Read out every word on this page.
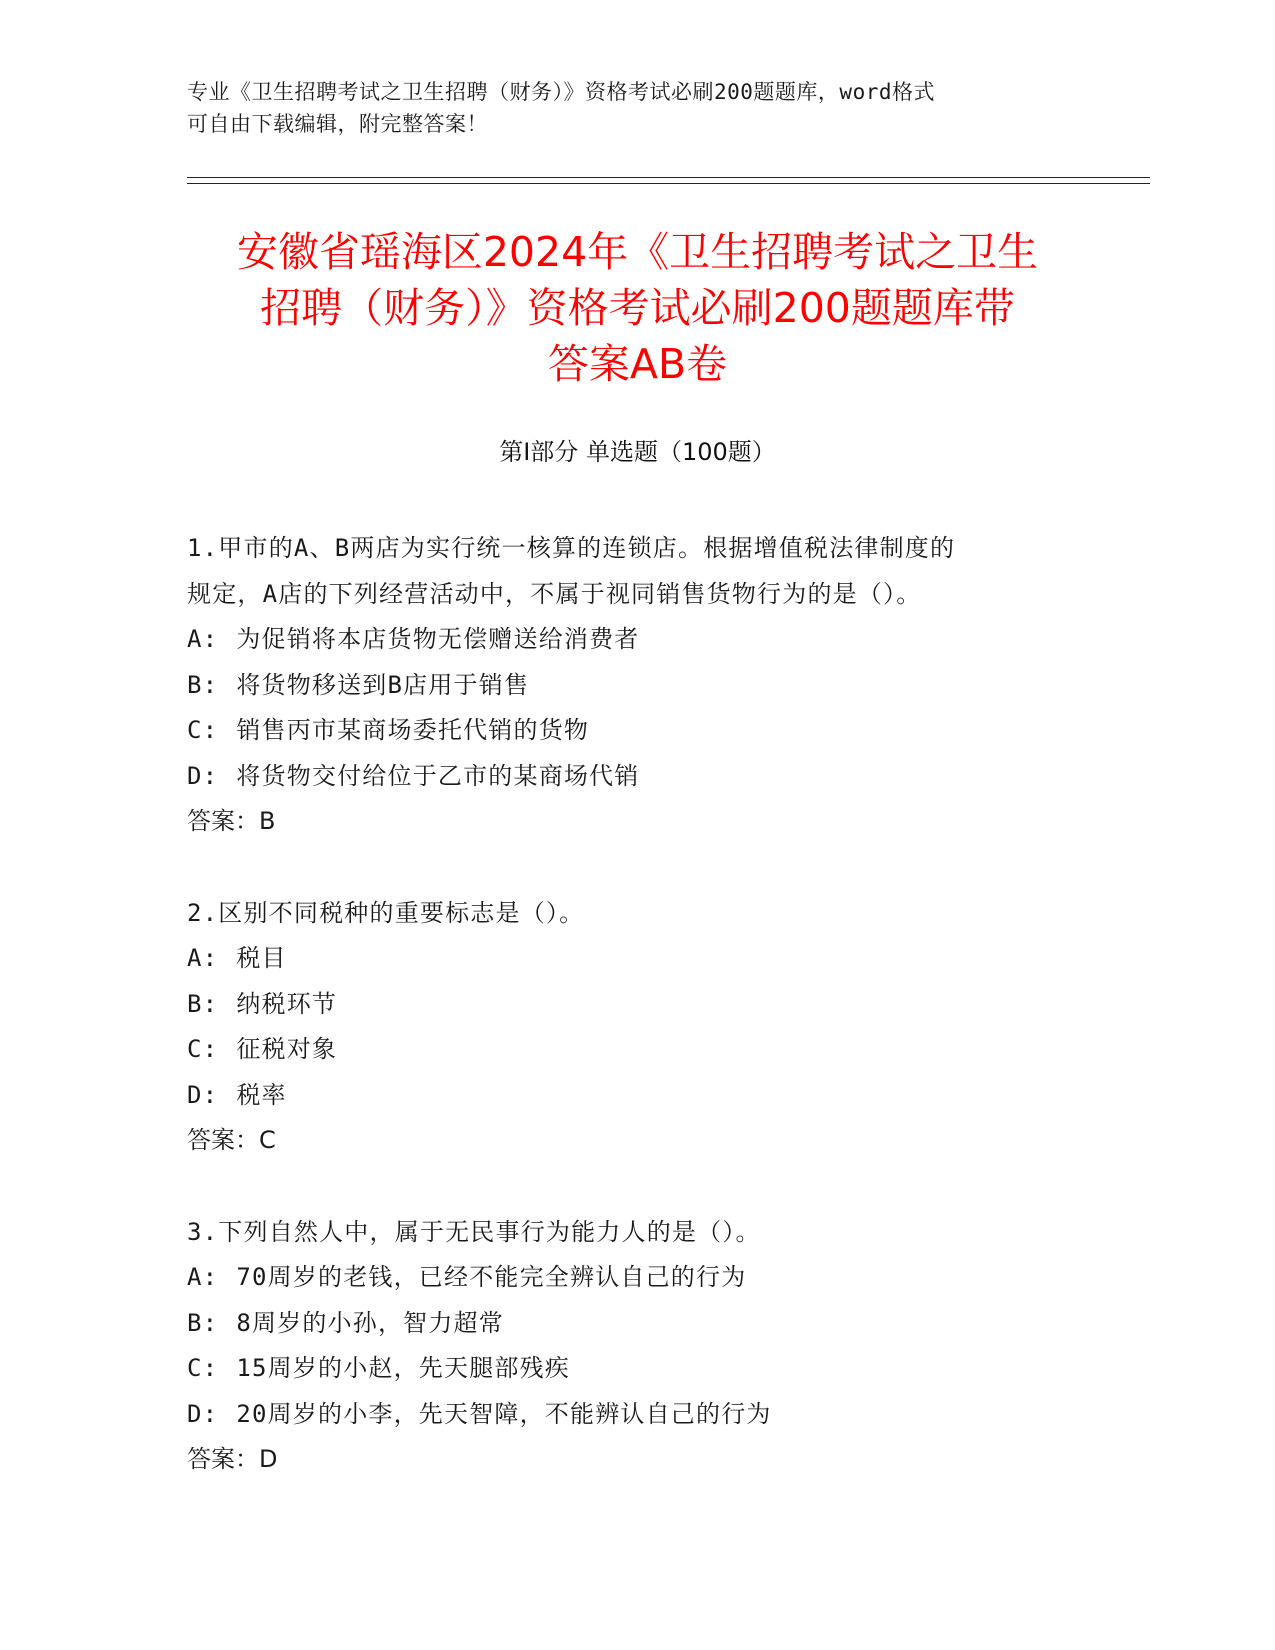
专业《卫生招聘考试之卫生招聘（财务）》资格考试必刷200题题库，word格式
可自由下载编辑，附完整答案！
安徽省瑶海区2024年《卫生招聘考试之卫生
招聘（财务）》资格考试必刷200题题库带
答案AB卷
第Ⅰ部分 单选题（100题）
1.甲市的A、B两店为实行统一核算的连锁店。根据增值税法律制度的
规定，A店的下列经营活动中，不属于视同销售货物行为的是（）。
A: 为促销将本店货物无偿赠送给消费者
B: 将货物移送到B店用于销售
C: 销售丙市某商场委托代销的货物
D: 将货物交付给位于乙市的某商场代销
答案：B
2.区别不同税种的重要标志是（）。
A: 税目
B: 纳税环节
C: 征税对象
D: 税率
答案：C
3.下列自然人中，属于无民事行为能力人的是（）。
A: 70周岁的老钱，已经不能完全辨认自己的行为
B: 8周岁的小孙，智力超常
C: 15周岁的小赵，先天腿部残疾
D: 20周岁的小李，先天智障，不能辨认自己的行为
答案：D
